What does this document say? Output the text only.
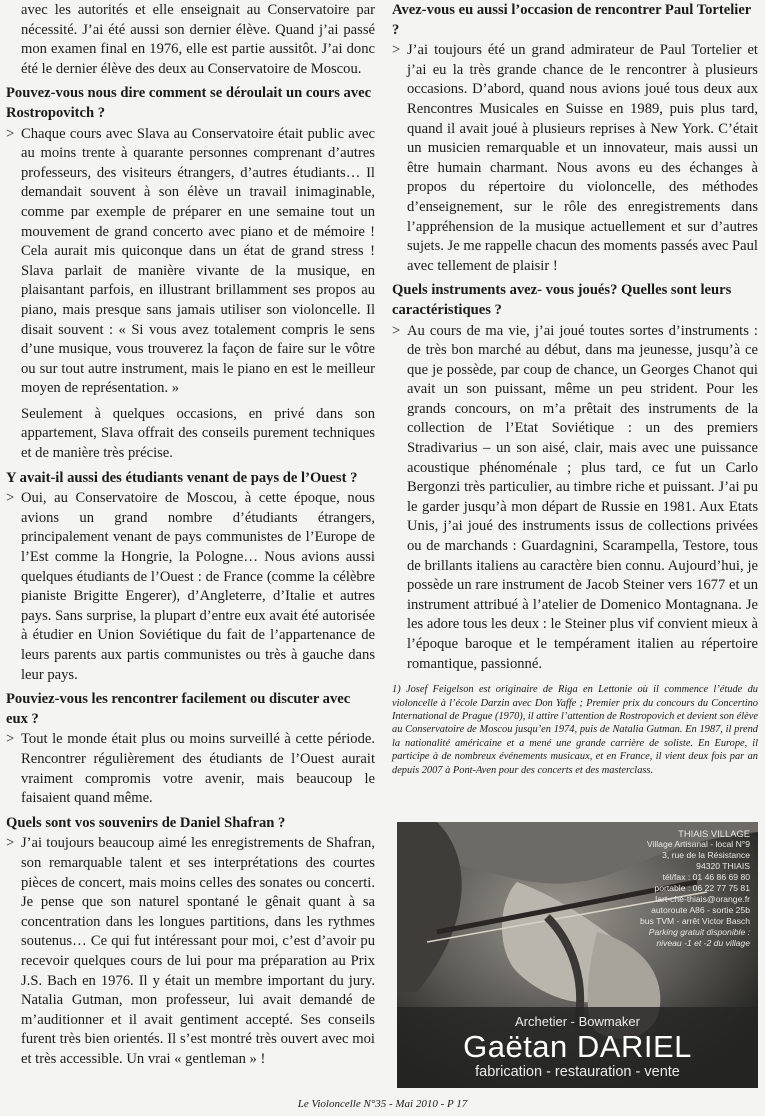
avec les autorités et elle enseignait au Conservatoire par nécessité. J’ai été aussi son dernier élève. Quand j’ai passé mon examen final en 1976, elle est partie aussitôt. J’ai donc été le dernier élève des deux au Conservatoire de Moscou.

Pouvez-vous nous dire comment se déroulait un cours avec Rostropovitch ?

> Chaque cours avec Slava au Conservatoire était public avec au moins trente à quarante personnes comprenant d’autres professeurs, des visiteurs étrangers, d’autres étudiants… Il demandait souvent à son élève un travail inimaginable, comme par exemple de préparer en une semaine tout un mouvement de grand concerto avec piano et de mémoire ! Cela aurait mis quiconque dans un état de grand stress ! Slava parlait de manière vivante de la musique, en plaisantant parfois, en illustrant brillamment ses propos au piano, mais presque sans jamais utiliser son violoncelle. Il disait souvent : « Si vous avez totalement compris le sens d’une musique, vous trouverez la façon de faire sur le vôtre ou sur tout autre instrument, mais le piano en est le meilleur moyen de représentation. »

Seulement à quelques occasions, en privé dans son appartement, Slava offrait des conseils purement techniques et de manière très précise.

Y avait-il aussi des étudiants venant de pays de l’Ouest ?

> Oui, au Conservatoire de Moscou, à cette époque, nous avions un grand nombre d’étudiants étrangers, principalement venant de pays communistes de l’Europe de l’Est comme la Hongrie, la Pologne… Nous avions aussi quelques étudiants de l’Ouest : de France (comme la célèbre pianiste Brigitte Engerer), d’Angleterre, d’Italie et autres pays. Sans surprise, la plupart d’entre eux avait été autorisée à étudier en Union Soviétique du fait de l’appartenance de leurs parents aux partis communistes ou très à gauche dans leur pays.

Pouviez-vous les rencontrer facilement ou discuter avec eux ?

> Tout le monde était plus ou moins surveillé à cette période. Rencontrer régulièrement des étudiants de l’Ouest aurait vraiment compromis votre avenir, mais beaucoup le faisaient quand même.

Quels sont vos souvenirs de Daniel Shafran ?

> J’ai toujours beaucoup aimé les enregistrements de Shafran, son remarquable talent et ses interprétations des courtes pièces de concert, mais moins celles des sonates ou concerti. Je pense que son naturel spontané le gênait quant à sa concentration dans les longues partitions, dans les rythmes soutenus… Ce qui fut intéressant pour moi, c’est d’avoir pu recevoir quelques cours de lui pour ma préparation au Prix J.S. Bach en 1976. Il y était un membre important du jury. Natalia Gutman, mon professeur, lui avait demandé de m’auditionner et il avait gentiment accepté. Ses conseils furent très bien orientés. Il s’est montré très ouvert avec moi et très accessible. Un vrai « gentleman » !

Avez-vous eu aussi l’occasion de rencontrer Paul Tortelier ?

> J’ai toujours été un grand admirateur de Paul Tortelier et j’ai eu la très grande chance de le rencontrer à plusieurs occasions. D’abord, quand nous avions joué tous deux aux Rencontres Musicales en Suisse en 1989, puis plus tard, quand il avait joué à plusieurs reprises à New York. C’était un musicien remarquable et un innovateur, mais aussi un être humain charmant. Nous avons eu des échanges à propos du répertoire du violoncelle, des méthodes d’enseignement, sur le rôle des enregistrements dans l’appréhension de la musique actuellement et sur d’autres sujets. Je me rappelle chacun des moments passés avec Paul avec tellement de plaisir !

Quels instruments avez- vous joués? Quelles sont leurs caractéristiques ?

> Au cours de ma vie, j’ai joué toutes sortes d’instruments : de très bon marché au début, dans ma jeunesse, jusqu’à ce que je possède, par coup de chance, un Georges Chanot qui avait un son puissant, même un peu strident. Pour les grands concours, on m’a prêtait des instruments de la collection de l’Etat Soviétique : un des premiers Stradivarius – un son aisé, clair, mais avec une puissance acoustique phénoménale ; plus tard, ce fut un Carlo Bergonzi très particulier, au timbre riche et puissant. J’ai pu le garder jusqu’à mon départ de Russie en 1981. Aux Etats Unis, j’ai joué des instruments issus de collections privées ou de marchands : Guardagnini, Scarampella, Testore, tous de brillants italiens au caractère bien connu. Aujourd’hui, je possède un rare instrument de Jacob Steiner vers 1677 et un instrument attribué à l’atelier de Domenico Montagnana. Je les adore tous les deux : le Steiner plus vif convient mieux à l’époque baroque et le tempérament italien au répertoire romantique, passionné.

1) Josef Feigelson est originaire de Riga en Lettonie où il commence l’étude du violoncelle à l’école Darzin avec Don Yaffe ; Premier prix du concours du Concertino International de Prague (1970), il attire l’attention de Rostropovich et devient son élève au Conservatoire de Moscou jusqu’en 1974, puis de Natalia Gutman. En 1987, il prend la nationalité américaine et a mené une grande carrière de soliste. En Europe, il participe à de nombreux événements musicaux, et en France, il vient deux fois par an depuis 2007 à Pont-Aven pour des concerts et des masterclass.

THIAIS VILLAGE
Village Artisanal - local N°9
3, rue de la Résistance
94320 THIAIS
tél/fax : 01 46 86 69 80
portable : 06 22 77 75 81
lart-che-thiais@orange.fr
autoroute A86 - sortie 25b
bus TVM - arrêt Victor Basch
Parking gratuit disponible :
niveau -1 et -2 du village
Archetier - Bowmaker
Gaëtan DARIEL
fabrication - restauration - vente
Le Violoncelle N°35 - Mai 2010 - P 17
